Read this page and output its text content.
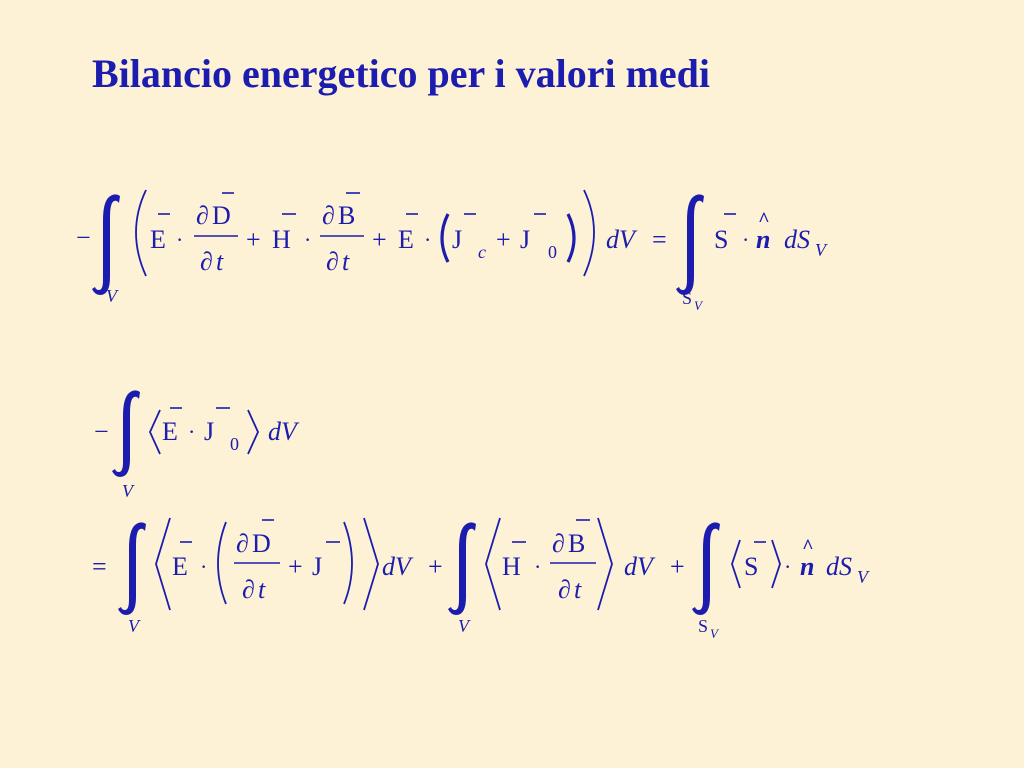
Bilancio energetico per i valori medi
−
V
E ·
∂ D
∂ t
+ H ·
∂ B
∂ t
+ E · J c + J 0 dV =
S V
S ·
^
n dS V
−
V
E · J 0 dV
=
V
E ·
∂ D
∂ t
+ J dV +
V
H ·
∂ B
∂ t
dV +
S V
S ·
^
n dS V
